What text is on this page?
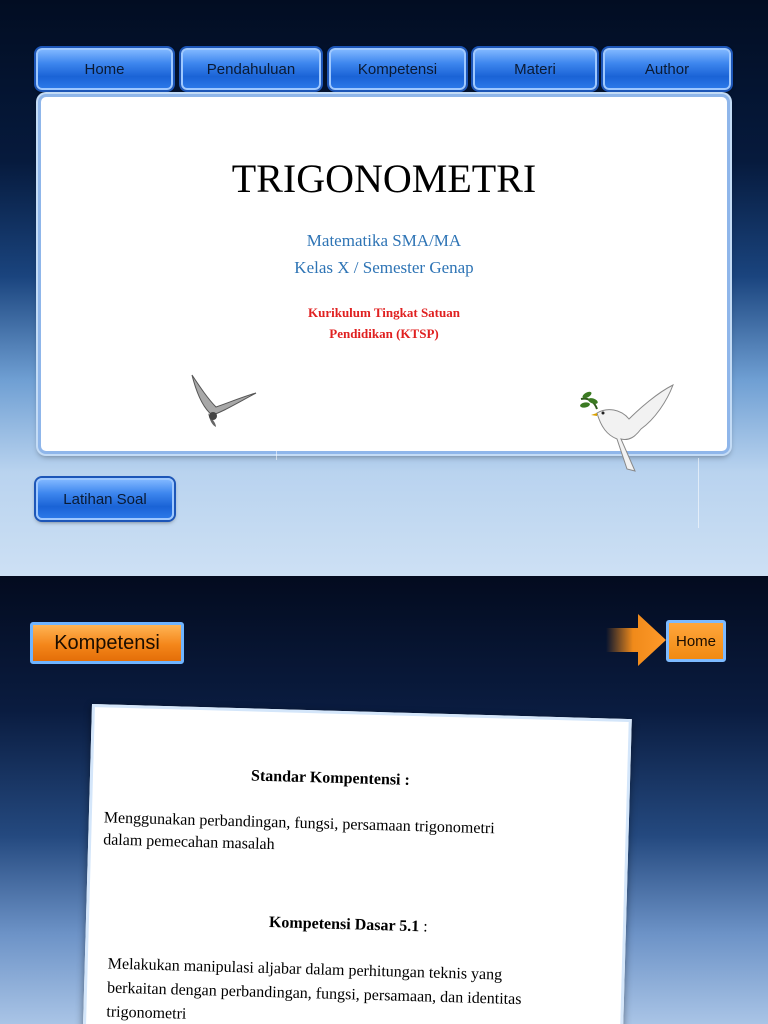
Home	Pendahuluan	Kompetensi	Materi	Author
TRIGONOMETRI
Matematika SMA/MA
Kelas X / Semester Genap
Kurikulum Tingkat Satuan
Pendidikan (KTSP)
Latihan Soal
Kompetensi	Home
Standar Kompentensi :
Menggunakan perbandingan, fungsi, persamaan trigonometri
dalam pemecahan masalah
Kompetensi Dasar 5.1 :
Melakukan manipulasi aljabar dalam perhitungan teknis yang
berkaitan dengan perbandingan, fungsi, persamaan, dan identitas
trigonometri
